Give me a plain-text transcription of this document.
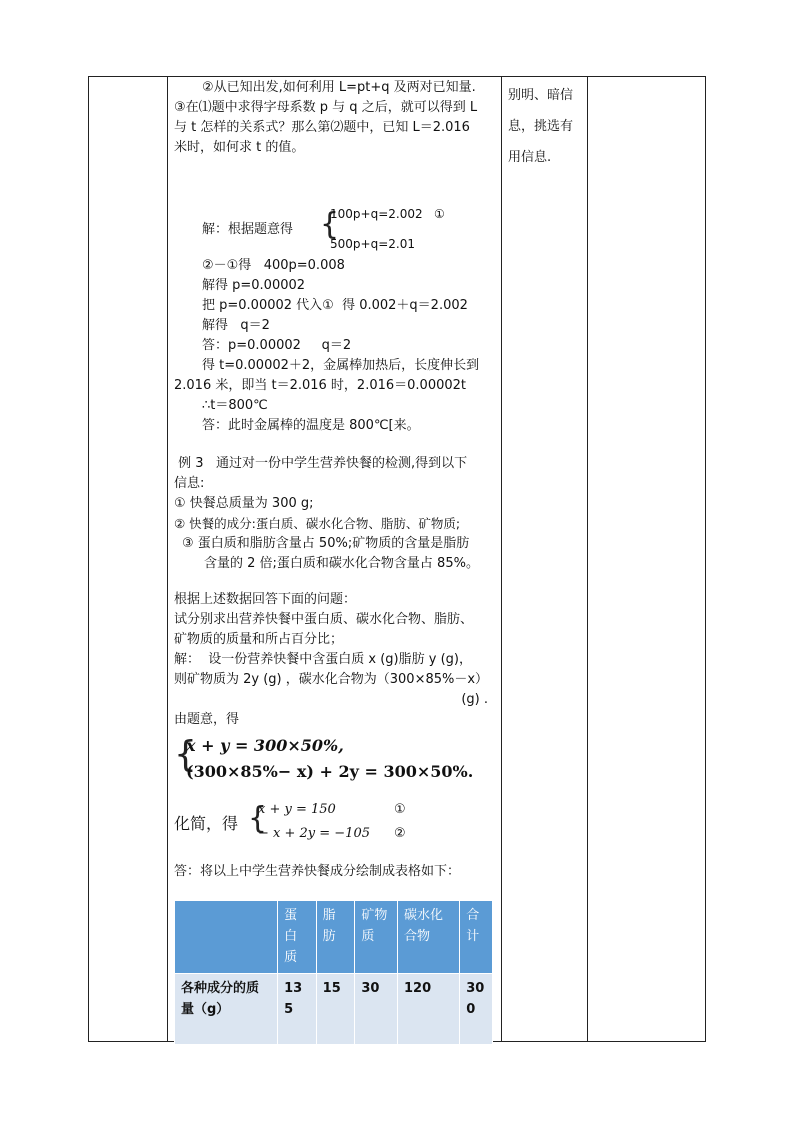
②从已知出发,如何利用 L=pt+q 及两对已知量.

③在⑴题中求得字母系数 p 与 q 之后，就可以得到 L

与 t 怎样的关系式？那么第⑵题中，已知 L＝2.016

米时，如何求 t 的值。

解：根据题意得 {
100p+q=2.002   ①
500p+q=2.01

②－①得   400p=0.008

解得 p=0.00002

把 p=0.00002 代入①  得 0.002＋q＝2.002

解得   q＝2

答：p=0.00002     q＝2

得 t=0.00002＋2，金属棒加热后，长度伸长到

2.016 米，即当 t＝2.016 时，2.016＝0.00002t

∴t＝800℃

答：此时金属棒的温度是 800℃[来。

例 3   通过对一份中学生营养快餐的检测,得到以下

信息:

① 快餐总质量为 300 g;

② 快餐的成分:蛋白质、碳水化合物、脂肪、矿物质;

③ 蛋白质和脂肪含量占 50%;矿物质的含量是脂肪

含量的 2 倍;蛋白质和碳水化合物含量占 85%。

根据上述数据回答下面的问题：

试分别求出营养快餐中蛋白质、碳水化合物、脂肪、

矿物质的质量和所占百分比；

解：  设一份营养快餐中含蛋白质 x (g)脂肪 y (g)，

则矿物质为 2y (g) ，碳水化合物为（300×85%－x）

(g) .

由题意，得

{
x + y = 300×50%,
(300×85%− x) + 2y = 300×50%.
化简，得 {
x + y = 150	①
− x + 2y = −105 ②

答：将以上中学生营养快餐成分绘制成表格如下：

别明、暗信
息，挑选有
用信息.
	蛋白质	脂肪	矿物质	碳水化合物	合计
各种成分的质量（g）	135	15	30	120	300
